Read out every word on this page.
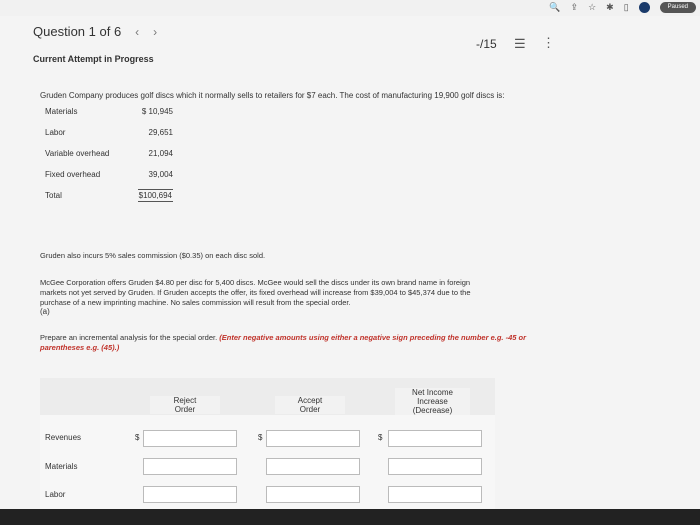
🔍 ⇪ ☆ ✱ ▯	Paused
Question 1 of 6 ‹ ›
-/15 ☰ ⋮
Current Attempt in Progress
Gruden Company produces golf discs which it normally sells to retailers for $7 each. The cost of manufacturing 19,900 golf discs is:
Materials	$ 10,945
Labor	29,651
Variable overhead	21,094
Fixed overhead	39,004
Total	$100,694
Gruden also incurs 5% sales commission ($0.35) on each disc sold.
McGee Corporation offers Gruden $4.80 per disc for 5,400 discs. McGee would sell the discs under its own brand name in foreign
markets not yet served by Gruden. If Gruden accepts the offer, its fixed overhead will increase from $39,004 to $45,374 due to the
purchase of a new imprinting machine. No sales commission will result from the special order.
(a)
Prepare an incremental analysis for the special order. (Enter negative amounts using either a negative sign preceding the number e.g. -45 or
parentheses e.g. (45).)
Reject
Order
Accept
Order
Net Income
Increase
(Decrease)
Revenues	$	$	$
Materials
Labor
